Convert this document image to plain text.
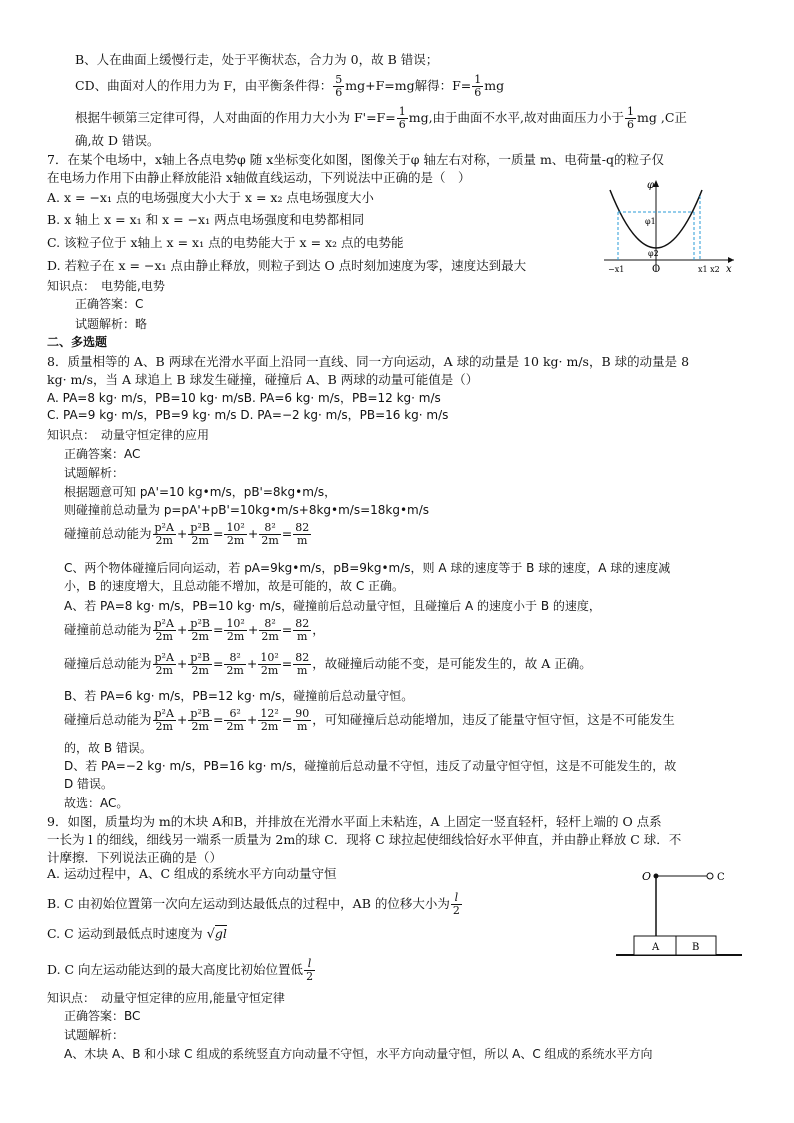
B、人在曲面上缓慢行走，处于平衡状态，合力为 0，故 B 错误；
CD、曲面对人的作用力为 F，由平衡条件得： $\frac{5}{6} mg+F=mg$解得：$F= \frac{1}{6}$ mg
根据牛顿第三定律可得，人对曲面的作用力大小为 $F'=F= \frac{1}{6}$ mg,由于曲面不水平,故对曲面压力小于 $\frac{1}{6}$ mg ,C正
确,故 D 错误。
7．在某个电场中，x轴上各点电势φ 随 x坐标变化如图，图像关于φ 轴左右对称，一质量 m、电荷量-q的粒子仅
在电场力作用下由静止释放能沿 x轴做直线运动，下列说法中正确的是（　）
A. x = −x₁ 点的电场强度大小大于 x = x₂ 点电场强度大小
B. x 轴上 x = x₁ 和 x = −x₁ 两点电场强度和电势都相同
C. 该粒子位于 x轴上 x = x₁ 点的电势能大于 x = x₂ 点的电势能
D. 若粒子在 x = −x₁ 点由静止释放，则粒子到达 O 点时刻加速度为零，速度达到最大
知识点：　电势能,电势
正确答案：C
试题解析：略
φ
φ1
φ2
−x1	O	x1 x2 x
二、多选题
8．质量相等的 A、B 两球在光滑水平面上沿同一直线、同一方向运动，A 球的动量是 10 kg· m/s，B 球的动量是 8
kg· m/s，当 A 球追上 B 球发生碰撞，碰撞后 A、B 两球的动量可能值是（）
A. PA=8 kg· m/s，PB=10 kg· m/sB. PA=6 kg· m/s，PB=12 kg· m/s
C. PA=9 kg· m/s，PB=9 kg· m/s D. PA=−2 kg· m/s，PB=16 kg· m/s
知识点：　动量守恒定律的应用
正确答案：AC
试题解析：
根据题意可知 pA'=10 kg•m/s，pB'=8kg•m/s，
则碰撞前总动量为 p=pA'+pB'=10kg•m/s+8kg•m/s=18kg•m/s
碰撞前总动能为 $\frac{\text{p²A}}{2m} + \frac{\text{p²B}}{2m} = \frac{\text{10²}}{2m} + \frac{\text{8²}}{2m} = \frac{82}{m}$
C、两个物体碰撞后同向运动，若 pA=9kg•m/s，pB=9kg•m/s，则 A 球的速度等于 B 球的速度，A 球的速度减
小，B 的速度增大，且总动能不增加，故是可能的，故 C 正确。
A、若 PA=8 kg· m/s，PB=10 kg· m/s，碰撞前后总动量守恒，且碰撞后 A 的速度小于 B 的速度，
碰撞前总动能为 $\frac{\text{p²A}}{2m} + \frac{\text{p²B}}{2m} = \frac{\text{10²}}{2m} + \frac{\text{8²}}{2m} = \frac{82}{m}$ ，
碰撞后总动能为 $\frac{\text{p²A}}{2m} + \frac{\text{p²B}}{2m} = \frac{\text{8²}}{2m} + \frac{\text{10²}}{2m} = \frac{82}{m}$ ，故碰撞后动能不变，是可能发生的，故 A 正确。
B、若 PA=6 kg· m/s，PB=12 kg· m/s，碰撞前后总动量守恒。
碰撞后总动能为 $\frac{\text{p²A}}{2m} + \frac{\text{p²B}}{2m} = \frac{\text{6²}}{2m} + \frac{\text{12²}}{2m} = \frac{90}{m}$ ，可知碰撞后总动能增加，违反了能量守恒守恒，这是不可能发生
的，故 B 错误。
D、若 PA=−2 kg· m/s，PB=16 kg· m/s，碰撞前后总动量不守恒，违反了动量守恒守恒，这是不可能发生的，故
D 错误。
故选：AC。
9．如图，质量均为 m的木块 A和B，并排放在光滑水平面上未粘连，A 上固定一竖直轻杆，轻杆上端的 O 点系
一长为 l 的细线，细线另一端系一质量为 2m的球 C．现将 C 球拉起使细线恰好水平伸直，并由静止释放 C 球．不
计摩擦．下列说法正确的是（）
A. 运动过程中，A、C 组成的系统水平方向动量守恒
B. C 由初始位置第一次向左运动到达最低点的过程中，AB 的位移大小为 $\frac{l}{2}$
C. C 运动到最低点时速度为 √gl
D. C 向左运动能达到的最大高度比初始位置低 $\frac{l}{2}$
O	C
A	B
知识点：　动量守恒定律的应用,能量守恒定律
正确答案：BC
试题解析：
A、木块 A、B 和小球 C 组成的系统竖直方向动量不守恒，水平方向动量守恒，所以 A、C 组成的系统水平方向
